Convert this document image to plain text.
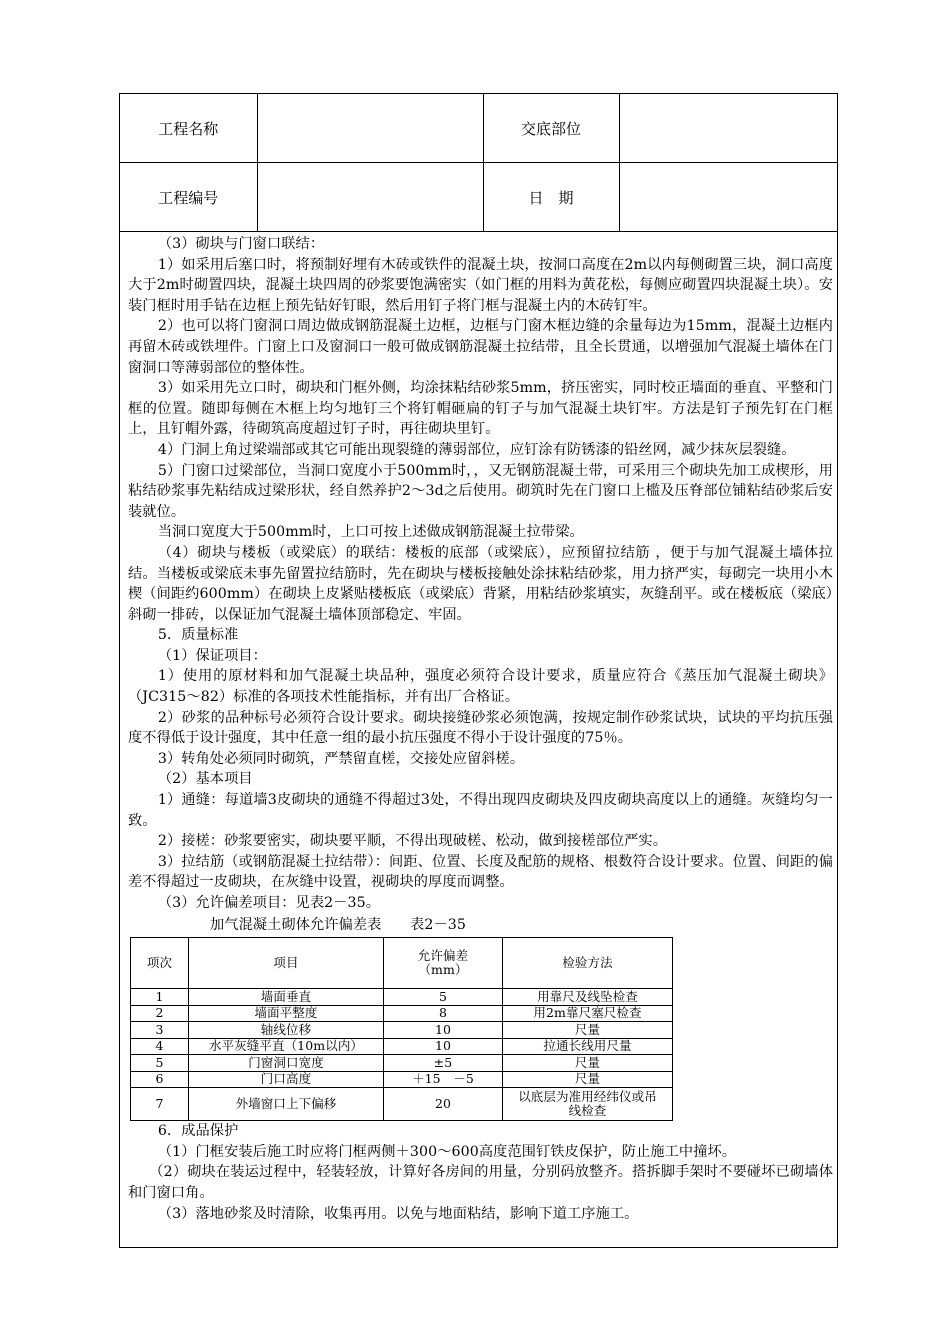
工程名称		交底部位	
工程编号		日　期	

（3）砌块与门窗口联结：

1）如采用后塞口时，将预制好埋有木砖或铁件的混凝土块，按洞口高度在2m以内每侧砌置三块，洞口高度大于2m时砌置四块，混凝土块四周的砂浆要饱满密实（如门框的用料为黄花松，每侧应砌置四块混凝土块）。安装门框时用手钻在边框上预先钻好钉眼，然后用钉子将门框与混凝土内的木砖钉牢。

2）也可以将门窗洞口周边做成钢筋混凝土边框，边框与门窗木框边缝的余量每边为15mm，混凝土边框内再留木砖或铁埋件。门窗上口及窗洞口一般可做成钢筋混凝土拉结带，且全长贯通，以增强加气混凝土墙体在门窗洞口等薄弱部位的整体性。

3）如采用先立口时，砌块和门框外侧，均涂抹粘结砂浆5mm，挤压密实，同时校正墙面的垂直、平整和门框的位置。随即每侧在木框上均匀地钉三个将钉帽砸扁的钉子与加气混凝土块钉牢。方法是钉子预先钉在门框上，且钉帽外露，待砌筑高度超过钉子时，再往砌块里钉。

4）门洞上角过梁端部或其它可能出现裂缝的薄弱部位，应钉涂有防锈漆的铅丝网，减少抹灰层裂缝。

5）门窗口过梁部位，当洞口宽度小于500mm时，，又无钢筋混凝土带，可采用三个砌块先加工成楔形，用粘结砂浆事先粘结成过梁形状，经自然养护2～3d之后使用。砌筑时先在门窗口上槛及压脊部位铺粘结砂浆后安装就位。

当洞口宽度大于500mm时，上口可按上述做成钢筋混凝土拉带梁。

（4）砌块与楼板（或梁底）的联结：楼板的底部（或梁底），应预留拉结筋 ，便于与加气混凝土墙体拉结。当楼板或梁底未事先留置拉结筋时，先在砌块与楼板接触处涂抹粘结砂浆，用力挤严实，每砌完一块用小木楔（间距约600mm）在砌块上皮紧贴楼板底（或梁底）背紧，用粘结砂浆填实，灰缝刮平。或在楼板底（梁底）斜砌一排砖，以保证加气混凝土墙体顶部稳定、牢固。

5．质量标准

（1）保证项目：

1）使用的原材料和加气混凝土块品种，强度必须符合设计要求，质量应符合《蒸压加气混凝土砌块》（JC315～82）标准的各项技术性能指标，并有出厂合格证。

2）砂浆的品种标号必须符合设计要求。砌块接缝砂浆必须饱满，按规定制作砂浆试块，试块的平均抗压强度不得低于设计强度，其中任意一组的最小抗压强度不得小于设计强度的75％。

3）转角处必须同时砌筑，严禁留直槎，交接处应留斜槎。

（2）基本项目

1）通缝：每道墙3皮砌块的通缝不得超过3处，不得出现四皮砌块及四皮砌块高度以上的通缝。灰缝均匀一致。

2）接槎：砂浆要密实，砌块要平顺，不得出现破槎、松动，做到接槎部位严实。

3）拉结筋（或钢筋混凝土拉结带）：间距、位置、长度及配筋的规格、根数符合设计要求。位置、间距的偏差不得超过一皮砌块，在灰缝中设置，视砌块的厚度而调整。

（3）允许偏差项目：见表2－35。

加气混凝土砌体允许偏差表　　表2－35

项次	项目	允许偏差（mm）	检验方法
1	墙面垂直	5	用靠尺及线坠检查
2	墙面平整度	8	用2m靠尺塞尺检查
3	轴线位移	10	尺量
4	水平灰缝平直（10m以内）	10	拉通长线用尺量
5	门窗洞口宽度	±5	尺量
6	门口高度	＋15　－5	尺量
7	外墙窗口上下偏移	20	以底层为准用经纬仪或吊线检查

6．成品保护

（1）门框安装后施工时应将门框两侧＋300～600高度范围钉铁皮保护，防止施工中撞坏。

（2）砌块在装运过程中，轻装轻放，计算好各房间的用量，分别码放整齐。搭拆脚手架时不要碰坏已砌墙体和门窗口角。

（3）落地砂浆及时清除，收集再用。以免与地面粘结，影响下道工序施工。
